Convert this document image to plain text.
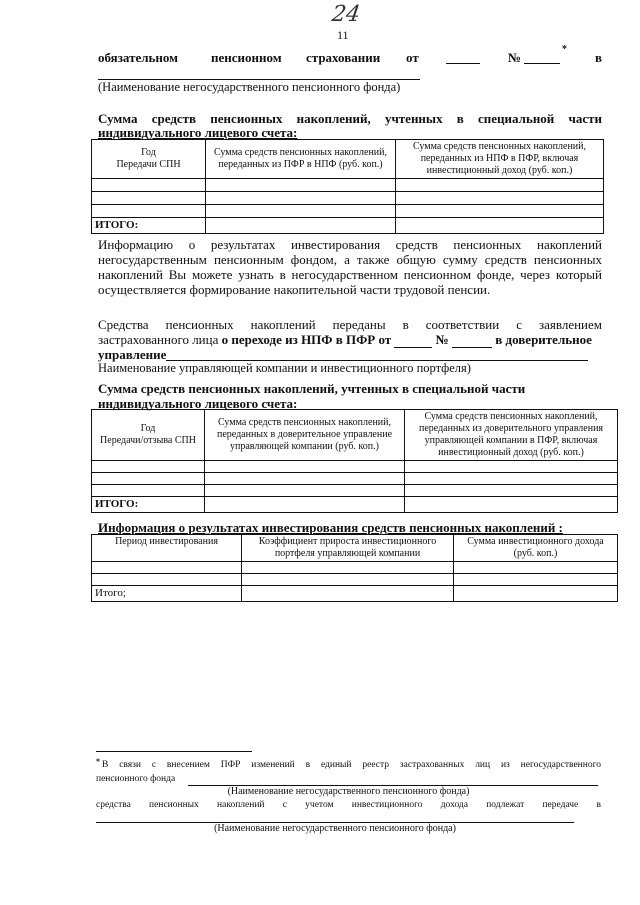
24
11
обязательном	пенсионном страховании от	№
*
в
(Наименование негосударственного пенсионного фонда)
Сумма средств пенсионных накоплений, учтенных в специальной части
индивидуального лицевого счета:
Год
Передачи СПН	Сумма средств пенсионных накоплений, переданных из ПФР в НПФ (руб. коп.)	Сумма средств пенсионных накоплений, переданных из НПФ в ПФР, включая инвестиционный доход (руб. коп.)

ИТОГО:		
Информацию о результатах инвестирования средств пенсионных накоплений
негосударственным пенсионным фондом, а также общую сумму средств пенсионных
накоплений Вы можете узнать в негосударственном пенсионном фонде, через который
осуществляется формирование накопительной части трудовой пенсии.
Средства пенсионных накоплений переданы в соответствии с заявлением
застрахованного лица о переходе из НПФ в ПФР от	№	в доверительное
управление
Наименование управляющей компании и инвестиционного портфеля)
Сумма средств пенсионных накоплений, учтенных в специальной части
индивидуального лицевого счета:
Год
Передачи/отзыва СПН	Сумма средств пенсионных накоплений, переданных в доверительное управление управляющей компании (руб. коп.)	Сумма средств пенсионных накоплений, переданных из доверительного управления управляющей компании в ПФР, включая инвестиционный доход (руб. коп.)

ИТОГО:		
Информация о результатах инвестирования средств пенсионных накоплений :
Период инвестирования	Коэффициент прироста инвестиционного портфеля управляющей компании	Сумма инвестиционного дохода (руб. коп.)

Итого;		
* В связи с внесением ПФР изменений в единый реестр застрахованных лиц из негосударственного
пенсионного фонда
(Наименование негосударственного пенсионного фонда)
средства пенсионных накоплений с учетом инвестиционного дохода подлежат передаче в
(Наименование негосударственного пенсионного фонда)
